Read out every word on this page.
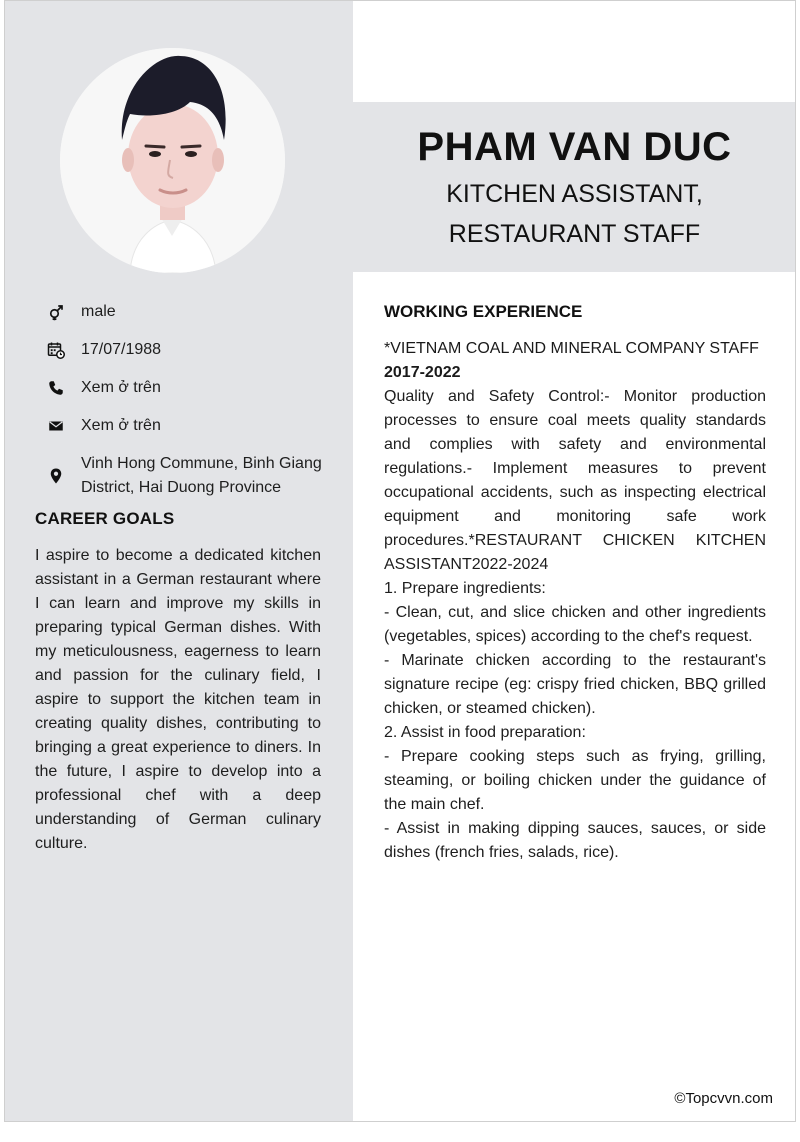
male
17/07/1988
Xem ở trên
Xem ở trên
Vinh Hong Commune, Binh Giang District, Hai Duong Province
CAREER GOALS
I aspire to become a dedicated kitchen assistant in a German restaurant where I can learn and improve my skills in preparing typical German dishes. With my meticulousness, eagerness to learn and passion for the culinary field, I aspire to support the kitchen team in creating quality dishes, contributing to bringing a great experience to diners. In the future, I aspire to develop into a professional chef with a deep understanding of German culinary culture.
PHAM VAN DUC
KITCHEN ASSISTANT, RESTAURANT STAFF
WORKING EXPERIENCE
*VIETNAM COAL AND MINERAL COMPANY STAFF
2017-2022
Quality and Safety Control:- Monitor production processes to ensure coal meets quality standards and complies with safety and environmental regulations.- Implement measures to prevent occupational accidents, such as inspecting electrical equipment and monitoring safe work procedures.*RESTAURANT CHICKEN KITCHEN ASSISTANT2022-2024
1. Prepare ingredients:
- Clean, cut, and slice chicken and other ingredients (vegetables, spices) according to the chef's request.
- Marinate chicken according to the restaurant's signature recipe (eg: crispy fried chicken, BBQ grilled chicken, or steamed chicken).
2. Assist in food preparation:
- Prepare cooking steps such as frying, grilling, steaming, or boiling chicken under the guidance of the main chef.
- Assist in making dipping sauces, sauces, or side dishes (french fries, salads, rice).
©Topcvvn.com
